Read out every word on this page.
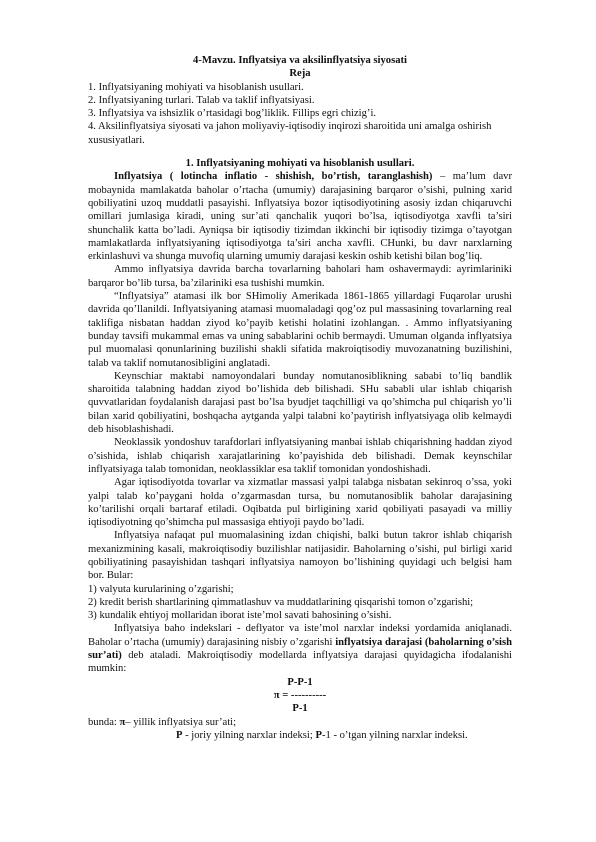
4-Mavzu. Inflyatsiya va aksilinflyatsiya siyosati

Reja

1. Inflyatsiyaning mohiyati va hisoblanish usullari.

2. Inflyatsiyaning turlari. Talab va taklif inflyatsiyasi.

3. Inflyatsiya va ishsizlik o’rtasidagi bog’liklik. Fillips egri chizig’i.

4. Aksilinflyatsiya siyosati va jahon moliyaviy-iqtisodiy inqirozi sharoitida uni amalga oshirish xususiyatlari.

1. Inflyatsiyaning mohiyati va hisoblanish usullari.

Inflyatsiya ( lotincha inflatio - shishish, bo’rtish, taranglashish) – ma’lum davr mobaynida mamlakatda baholar o’rtacha (umumiy) darajasining barqaror o’sishi, pulning xarid qobiliyatini uzoq muddatli pasayishi. Inflyatsiya bozor iqtisodiyotining asosiy izdan chiqaruvchi omillari jumlasiga kiradi, uning sur’ati qanchalik yuqori bo’lsa, iqtisodiyotga xavfli ta’siri shunchalik katta bo’ladi. Ayniqsa bir iqtisodiy tizimdan ikkinchi bir iqtisodiy tizimga o’tayotgan mamlakatlarda inflyatsiyaning iqtisodiyotga ta’siri ancha xavfli. CHunki, bu davr narxlarning erkinlashuvi va shunga muvofiq ularning umumiy darajasi keskin oshib ketishi bilan bog’liq.

Ammo inflyatsiya davrida barcha tovarlarning baholari ham oshavermaydi: ayrimlariniki barqaror bo’lib tursa, ba’zilariniki esa tushishi mumkin.

“Inflyatsiya” atamasi ilk bor SHimoliy Amerikada 1861-1865 yillardagi Fuqarolar urushi davrida qo’llanildi. Inflyatsiyaning atamasi muomaladagi qog’oz pul massasining tovarlarning real taklifiga nisbatan haddan ziyod ko’payib ketishi holatini izohlangan. . Ammo inflyatsiyaning bunday tavsifi mukammal emas va uning sabablarini ochib bermaydi. Umuman olganda inflyatsiya pul muomalasi qonunlarining buzilishi shakli sifatida makroiqtisodiy muvozanatning buzilishini, talab va taklif nomutanosibligini anglatadi.

Keynschiar maktabi namoyondalari bunday nomutanosiblikning sababi to’liq bandlik sharoitida talabning haddan ziyod bo’lishida deb bilishadi. SHu sababli ular ishlab chiqarish quvvatlaridan foydalanish darajasi past bo’lsa byudjet taqchilligi va qo’shimcha pul chiqarish yo’li bilan xarid qobiliyatini, boshqacha aytganda yalpi talabni ko’paytirish inflyatsiyaga olib kelmaydi deb hisoblashishadi.

Neoklassik yondoshuv tarafdorlari inflyatsiyaning manbai ishlab chiqarishning haddan ziyod o’sishida, ishlab chiqarish xarajatlarining ko’payishida deb bilishadi. Demak keynschilar inflyatsiyaga talab tomonidan, neoklassiklar esa taklif tomonidan yondoshishadi.

Agar iqtisodiyotda tovarlar va xizmatlar massasi yalpi talabga nisbatan sekinroq o’ssa, yoki yalpi talab ko’paygani holda o’zgarmasdan tursa, bu nomutanosiblik baholar darajasining ko’tarilishi orqali bartaraf etiladi. Oqibatda pul birligining xarid qobiliyati pasayadi va milliy iqtisodiyotning qo’shimcha pul massasiga ehtiyoji paydo bo’ladi.

Inflyatsiya nafaqat pul muomalasining izdan chiqishi, balki butun takror ishlab chiqarish mexanizmining kasali, makroiqtisodiy buzilishlar natijasidir. Baholarning o’sishi, pul birligi xarid qobiliyatining pasayishidan tashqari inflyatsiya namoyon bo’lishining quyidagi uch belgisi ham bor. Bular:

1) valyuta kurularining o’zgarishi;

2) kredit berish shartlarining qimmatlashuv va muddatlarining qisqarishi tomon o’zgarishi;

3) kundalik ehtiyoj mollaridan iborat iste’mol savati bahosining o’sishi.

Inflyatsiya baho indekslari - deflyator va iste’mol narxlar indeksi yordamida aniqlanadi. Baholar o’rtacha (umumiy) darajasining nisbiy o’zgarishi inflyatsiya darajasi (baholarning o’sish sur’ati) deb ataladi. Makroiqtisodiy modellarda inflyatsiya darajasi quyidagicha ifodalanishi mumkin:

P-P-1

π = ----------

P-1

bunda: π– yillik inflyatsiya sur’ati;

P - joriy yilning narxlar indeksi; P-1 - o’tgan yilning narxlar indeksi.
